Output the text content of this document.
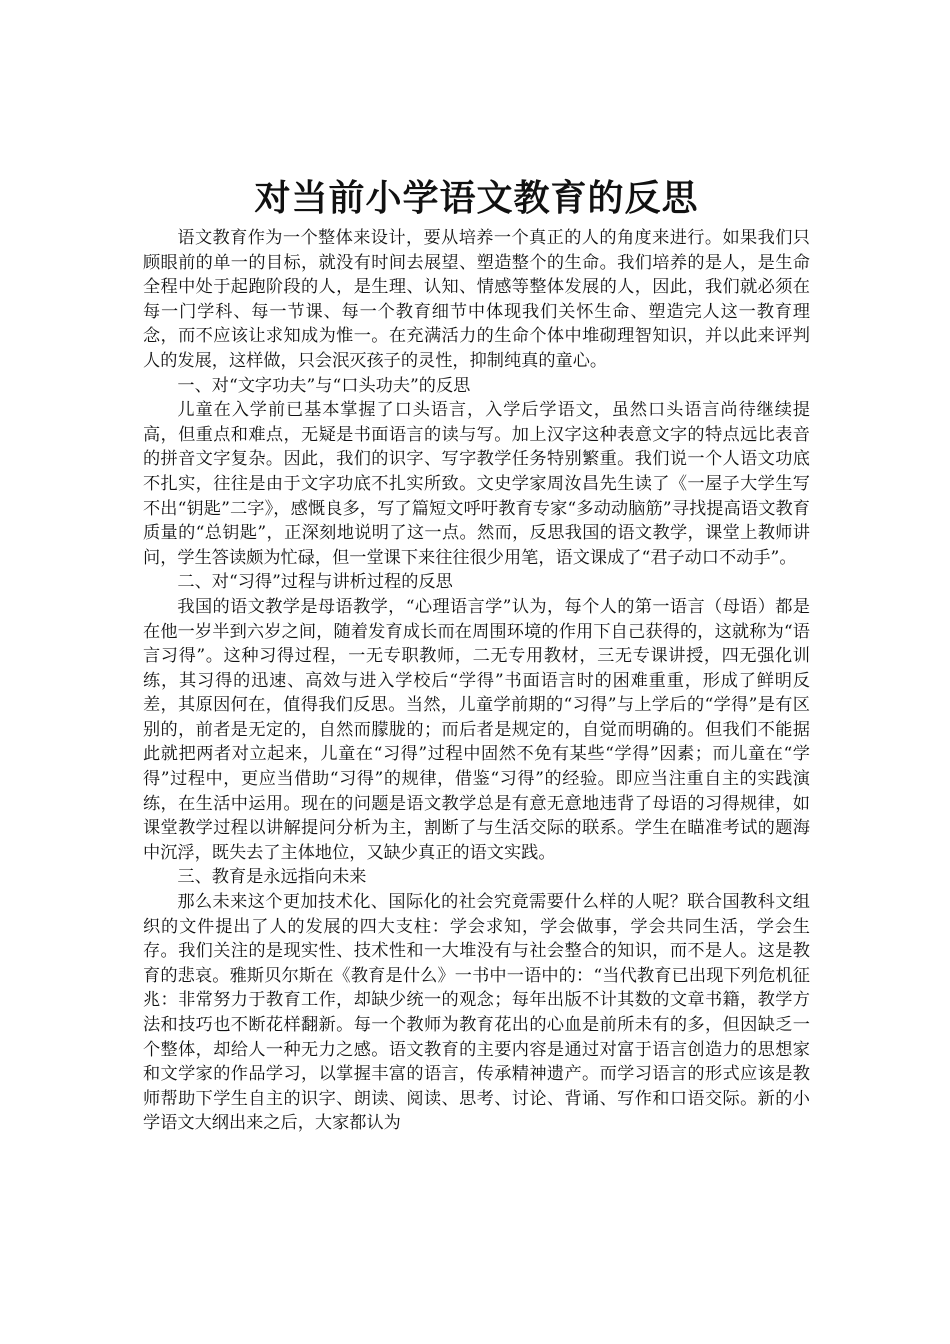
对当前小学语文教育的反思

语文教育作为一个整体来设计，要从培养一个真正的人的角度来进行。如果我们只顾眼前的单一的目标，就没有时间去展望、塑造整个的生命。我们培养的是人，是生命全程中处于起跑阶段的人，是生理、认知、情感等整体发展的人，因此，我们就必须在每一门学科、每一节课、每一个教育细节中体现我们关怀生命、塑造完人这一教育理念，而不应该让求知成为惟一。在充满活力的生命个体中堆砌理智知识，并以此来评判人的发展，这样做，只会泯灭孩子的灵性，抑制纯真的童心。

一、对“文字功夫”与“口头功夫”的反思

儿童在入学前已基本掌握了口头语言，入学后学语文，虽然口头语言尚待继续提高，但重点和难点，无疑是书面语言的读与写。加上汉字这种表意文字的特点远比表音的拼音文字复杂。因此，我们的识字、写字教学任务特别繁重。我们说一个人语文功底不扎实，往往是由于文字功底不扎实所致。文史学家周汝昌先生读了《一屋子大学生写不出“钥匙”二字》，感慨良多，写了篇短文呼吁教育专家“多动动脑筋”寻找提高语文教育质量的“总钥匙”，正深刻地说明了这一点。然而，反思我国的语文教学，课堂上教师讲问，学生答读颇为忙碌，但一堂课下来往往很少用笔，语文课成了“君子动口不动手”。

二、对“习得”过程与讲析过程的反思

我国的语文教学是母语教学，“心理语言学”认为，每个人的第一语言（母语）都是在他一岁半到六岁之间，随着发育成长而在周围环境的作用下自己获得的，这就称为“语言习得”。这种习得过程，一无专职教师，二无专用教材，三无专课讲授，四无强化训练，其习得的迅速、高效与进入学校后“学得”书面语言时的困难重重，形成了鲜明反差，其原因何在，值得我们反思。当然，儿童学前期的“习得”与上学后的“学得”是有区别的，前者是无定的，自然而朦胧的；而后者是规定的，自觉而明确的。但我们不能据此就把两者对立起来，儿童在“习得”过程中固然不免有某些“学得”因素；而儿童在“学得”过程中，更应当借助“习得”的规律，借鉴“习得”的经验。即应当注重自主的实践演练，在生活中运用。现在的问题是语文教学总是有意无意地违背了母语的习得规律，如课堂教学过程以讲解提问分析为主，割断了与生活交际的联系。学生在瞄准考试的题海中沉浮，既失去了主体地位，又缺少真正的语文实践。

三、教育是永远指向未来

那么未来这个更加技术化、国际化的社会究竟需要什么样的人呢？联合国教科文组织的文件提出了人的发展的四大支柱：学会求知，学会做事，学会共同生活，学会生存。我们关注的是现实性、技术性和一大堆没有与社会整合的知识，而不是人。这是教育的悲哀。雅斯贝尔斯在《教育是什么》一书中一语中的：“当代教育已出现下列危机征兆：非常努力于教育工作，却缺少统一的观念；每年出版不计其数的文章书籍，教学方法和技巧也不断花样翻新。每一个教师为教育花出的心血是前所未有的多，但因缺乏一个整体，却给人一种无力之感。语文教育的主要内容是通过对富于语言创造力的思想家和文学家的作品学习，以掌握丰富的语言，传承精神遗产。而学习语言的形式应该是教师帮助下学生自主的识字、朗读、阅读、思考、讨论、背诵、写作和口语交际。新的小学语文大纲出来之后，大家都认为
